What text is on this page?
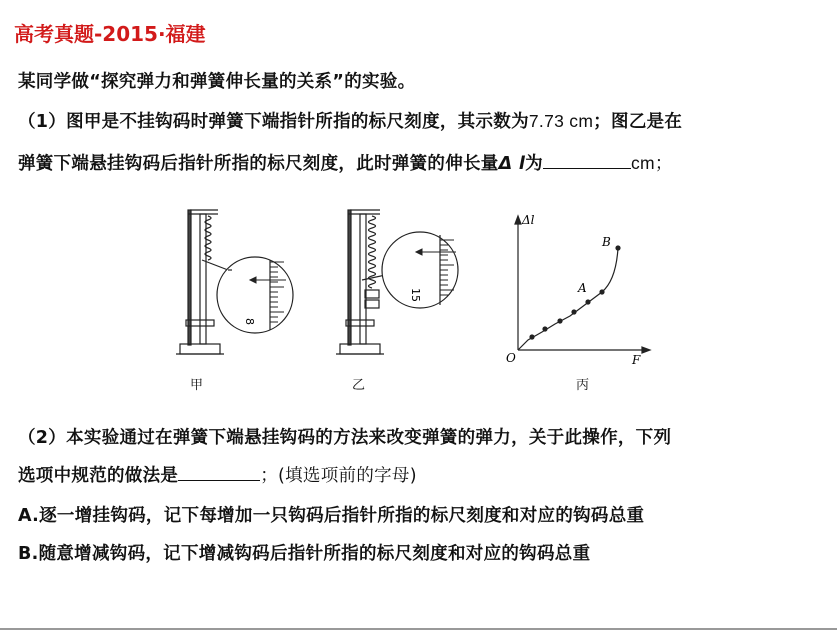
高考真题-2015·福建
某同学做“探究弹力和弹簧伸长量的关系”的实验。
（1）图甲是不挂钩码时弹簧下端指针所指的标尺刻度，其示数为7.73 cm；图乙是在
弹簧下端悬挂钩码后指针所指的标尺刻度，此时弹簧的伸长量Δ l为	cm；
8
15
Δl
F
O
A
B
甲	乙	丙
（2）本实验通过在弹簧下端悬挂钩码的方法来改变弹簧的弹力，关于此操作，下列
选项中规范的做法是	；(填选项前的字母)
A.逐一增挂钩码，记下每增加一只钩码后指针所指的标尺刻度和对应的钩码总重
B.随意增减钩码，记下增减钩码后指针所指的标尺刻度和对应的钩码总重
